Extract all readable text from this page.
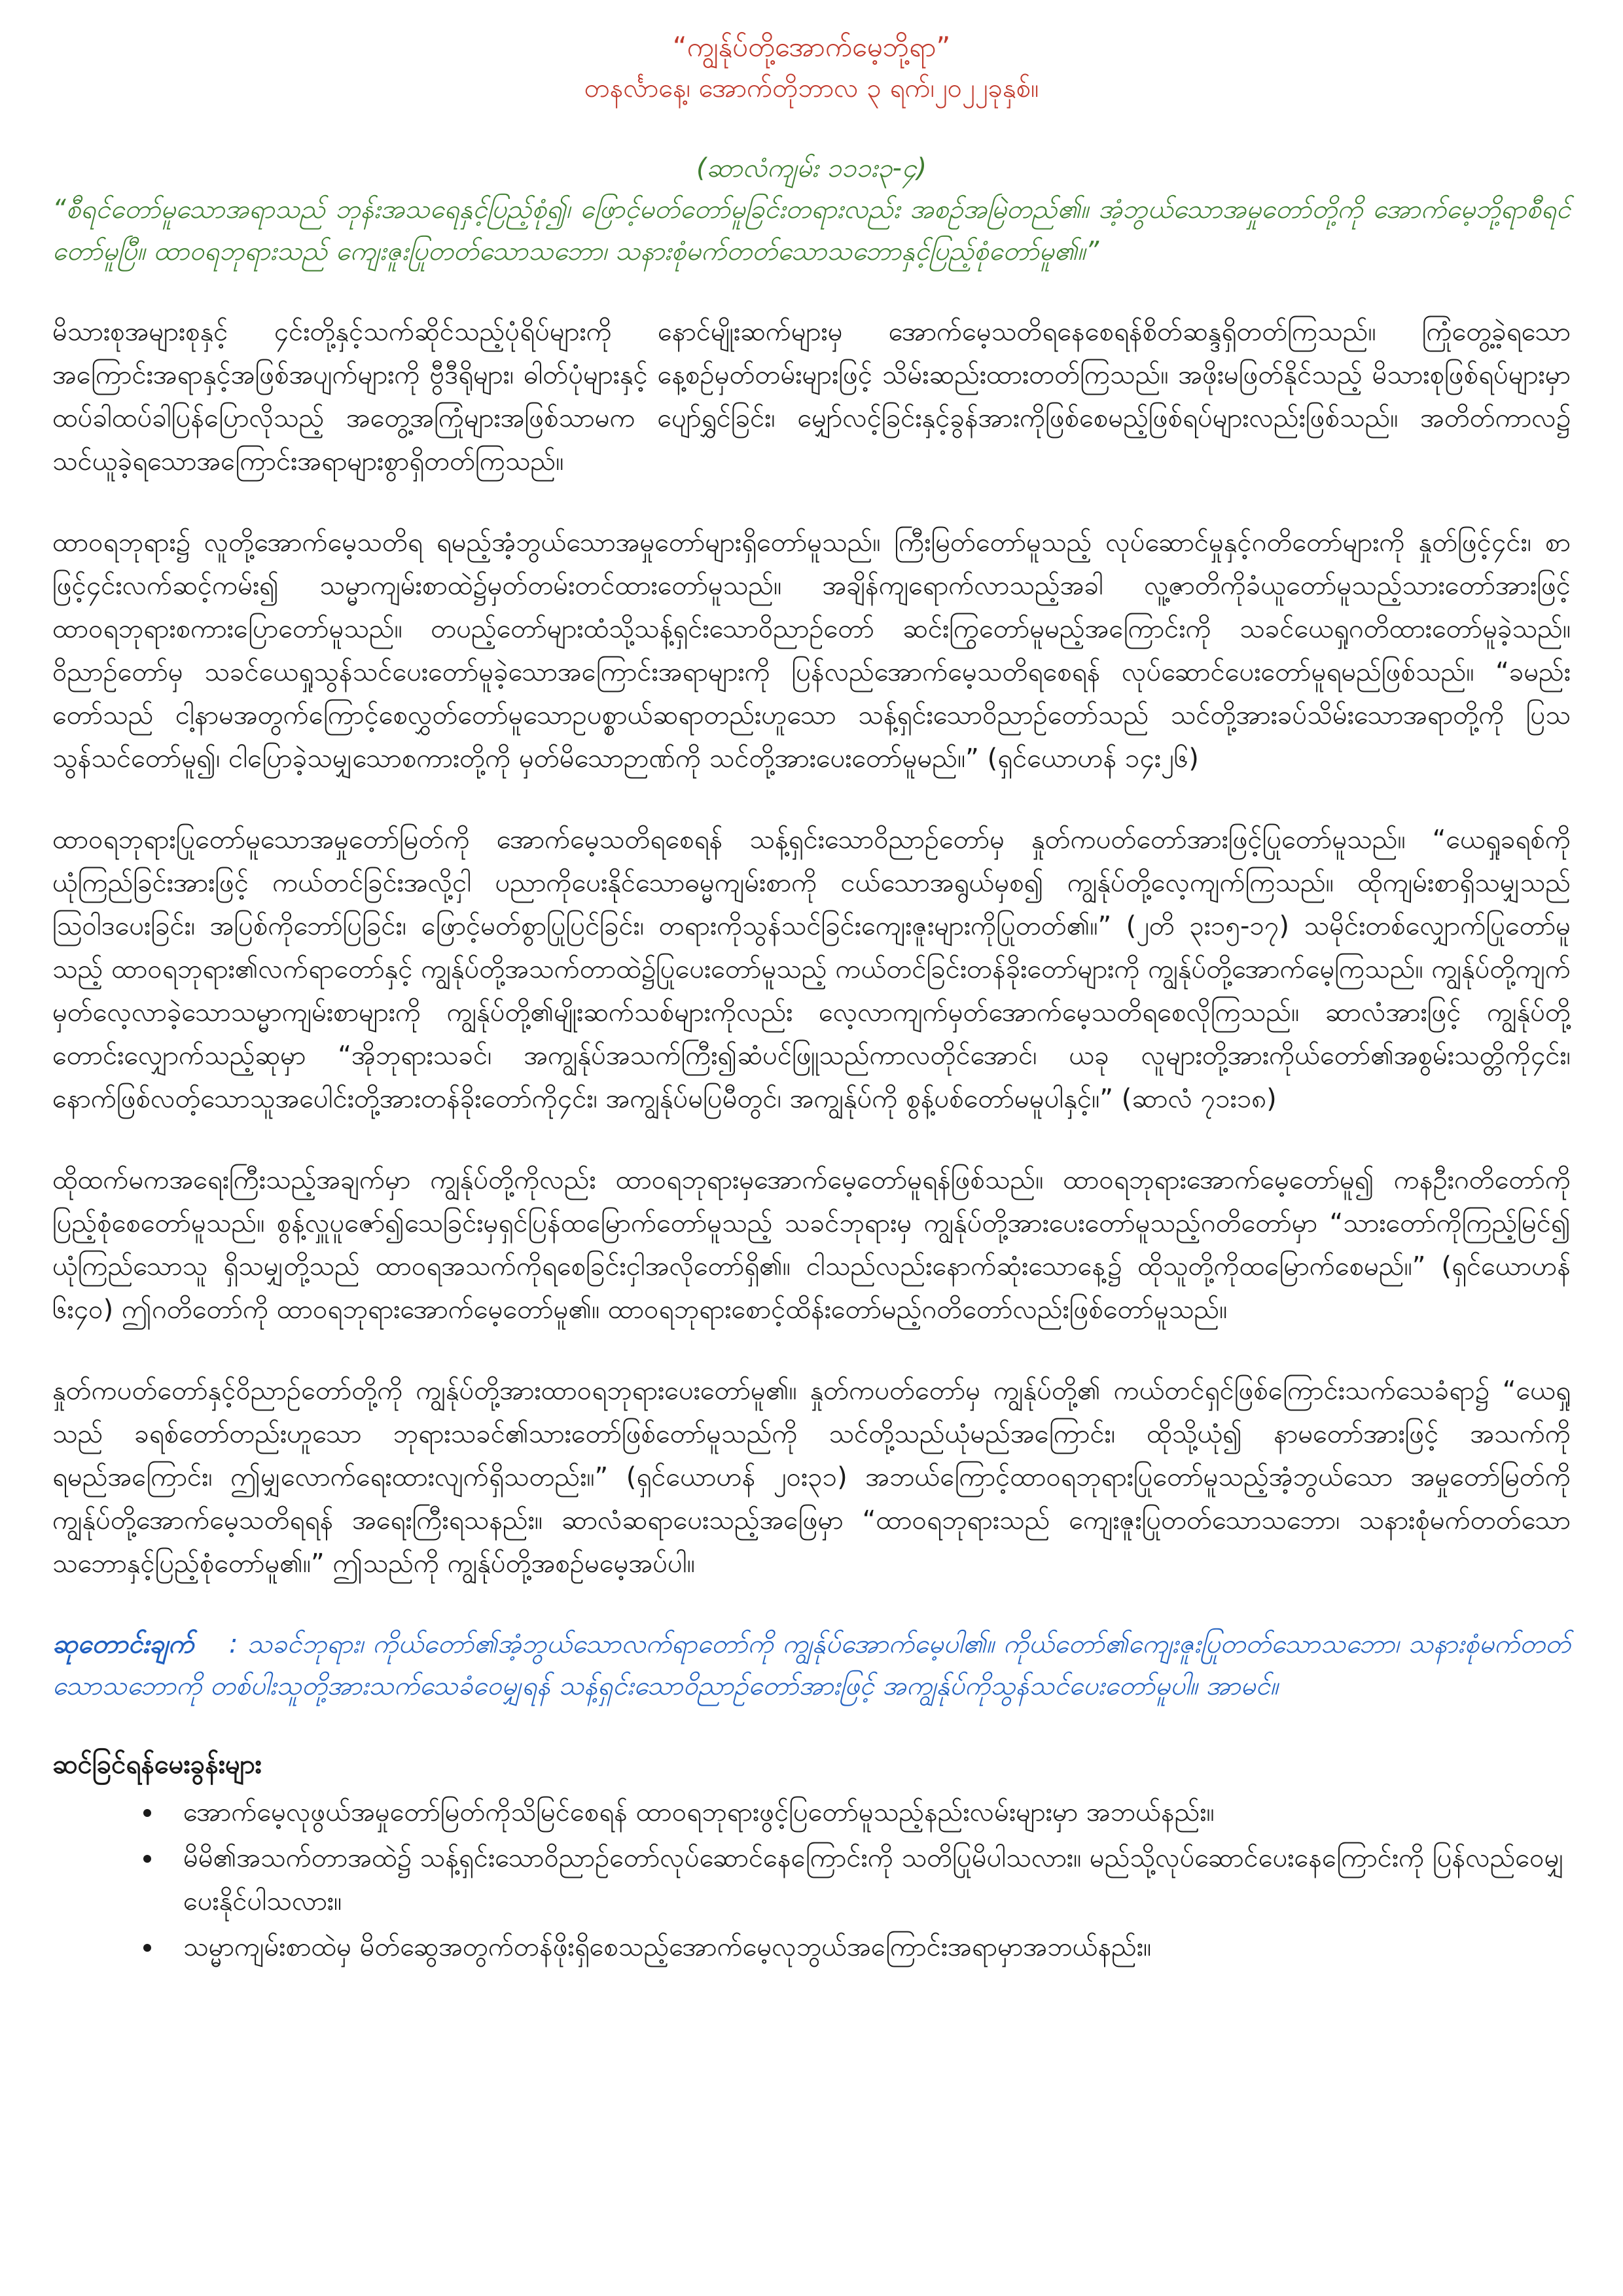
“ကျွန်ုပ်တို့အောက်မေ့ဘို့ရာ”

တနင်္လာနေ့၊ အောက်တိုဘာလ ၃ ရက်၊၂၀၂၂ခုနှစ်။

(ဆာလံကျမ်း ၁၁၁း၃-၄)

“စီရင်တော်မူသောအရာသည် ဘုန်းအသရေနှင့်ပြည့်စုံ၍၊ ဖြောင့်မတ်တော်မူခြင်းတရားလည်း အစဉ်အမြဲတည်၏။ အံ့ဘွယ်သောအမှုတော်တို့ကို အောက်မေ့ဘို့ရာစီရင်တော်မူပြီ။ ထာဝရဘုရားသည် ကျေးဇူးပြုတတ်သောသဘော၊ သနားစုံမက်တတ်သောသဘောနှင့်ပြည့်စုံတော်မူ၏။”

မိသားစုအများစုနှင့် ၄င်းတို့နှင့်သက်ဆိုင်သည့်ပုံရိပ်များကို နောင်မျိုးဆက်များမှ အောက်မေ့သတိရနေစေရန်စိတ်ဆန္ဒရှိတတ်ကြသည်။ ကြုံတွေ့ခဲ့ရသောအကြောင်းအရာနှင့်အဖြစ်အပျက်များကို ဗွီဒီရိုများ၊ ဓါတ်ပုံများနှင့် နေ့စဉ်မှတ်တမ်းများဖြင့် သိမ်းဆည်းထားတတ်ကြသည်။ အဖိုးမဖြတ်နိုင်သည့် မိသားစုဖြစ်ရပ်များမှာ ထပ်ခါထပ်ခါပြန်ပြောလိုသည့် အတွေ့အကြုံများအဖြစ်သာမက ပျော်ရွှင်ခြင်း၊ မျှော်လင့်ခြင်းနှင့်ခွန်အားကိုဖြစ်စေမည့်ဖြစ်ရပ်များလည်းဖြစ်သည်။ အတိတ်ကာလ၌ သင်ယူခဲ့ရသောအကြောင်းအရာများစွာရှိတတ်ကြသည်။

ထာဝရဘုရား၌ လူတို့အောက်မေ့သတိရ ရမည့်အံ့ဘွယ်သောအမှုတော်များရှိတော်မူသည်။ ကြီးမြတ်တော်မူသည့် လုပ်ဆောင်မှုနှင့်ဂတိတော်များကို နှုတ်ဖြင့်၄င်း၊ စာဖြင့်၄င်းလက်ဆင့်ကမ်း၍ သမ္မာကျမ်းစာထဲ၌မှတ်တမ်းတင်ထားတော်မူသည်။ အချိန်ကျရောက်လာသည့်အခါ လူ့ဇာတိကိုခံယူတော်မူသည့်သားတော်အားဖြင့် ထာဝရဘုရားစကားပြောတော်မူသည်။ တပည့်တော်များထံသို့သန့်ရှင်းသောဝိညာဉ်တော် ဆင်းကြွတော်မူမည့်အကြောင်းကို သခင်ယေရှုဂတိထားတော်မူခဲ့သည်။ ဝိညာဉ်တော်မှ သခင်ယေရှုသွန်သင်ပေးတော်မူခဲ့သောအကြောင်းအရာများကို ပြန်လည်အောက်မေ့သတိရစေရန် လုပ်ဆောင်ပေးတော်မူရမည်ဖြစ်သည်။ “ခမည်းတော်သည် ငါ့နာမအတွက်ကြောင့်စေလွှတ်တော်မူသောဥပစ္စာယ်ဆရာတည်းဟူသော သန့်ရှင်းသောဝိညာဉ်တော်သည် သင်တို့အားခပ်သိမ်းသောအရာတို့ကို ပြသသွန်သင်တော်မူ၍၊ ငါပြောခဲ့သမျှသောစကားတို့ကို မှတ်မိသောဉာဏ်ကို သင်တို့အားပေးတော်မူမည်။” (ရှင်ယောဟန် ၁၄း၂၆)

ထာဝရဘုရားပြုတော်မူသောအမှုတော်မြတ်ကို အောက်မေ့သတိရစေရန် သန့်ရှင်းသောဝိညာဉ်တော်မှ နှုတ်ကပတ်တော်အားဖြင့်ပြုတော်မူသည်။ “ယေရှုခရစ်ကိုယုံကြည်ခြင်းအားဖြင့် ကယ်တင်ခြင်းအလို့ငှါ ပညာကိုပေးနိုင်သောဓမ္မကျမ်းစာကို ငယ်သောအရွယ်မှစ၍ ကျွန်ုပ်တို့လေ့ကျက်ကြသည်။ ထိုကျမ်းစာရှိသမျှသည် ဩဝါဒပေးခြင်း၊ အပြစ်ကိုဘော်ပြခြင်း၊ ဖြောင့်မတ်စွာပြုပြင်ခြင်း၊ တရားကိုသွန်သင်ခြင်းကျေးဇူးများကိုပြုတတ်၏။” (၂တိ ၃း၁၅-၁၇) သမိုင်းတစ်လျှောက်ပြုတော်မူသည့် ထာဝရဘုရား၏လက်ရာတော်နှင့် ကျွန်ုပ်တို့အသက်တာထဲ၌ပြုပေးတော်မူသည့် ကယ်တင်ခြင်းတန်ခိုးတော်များကို ကျွန်ုပ်တို့အောက်မေ့ကြသည်။ ကျွန်ုပ်တို့ကျက်မှတ်လေ့လာခဲ့သောသမ္မာကျမ်းစာများကို ကျွန်ုပ်တို့၏မျိုးဆက်သစ်များကိုလည်း လေ့လာကျက်မှတ်အောက်မေ့သတိရစေလိုကြသည်။ ဆာလံအားဖြင့် ကျွန်ုပ်တို့တောင်းလျှောက်သည့်ဆုမှာ “အိုဘုရားသခင်၊ အကျွန်ုပ်အသက်ကြီး၍ဆံပင်ဖြူသည်ကာလတိုင်အောင်၊ ယခု လူများတို့အားကိုယ်တော်၏အစွမ်းသတ္တိကို၄င်း၊ နောက်ဖြစ်လတ့်သောသူအပေါင်းတို့အားတန်ခိုးတော်ကို၄င်း၊ အကျွန်ုပ်မပြမီတွင်၊ အကျွန်ုပ်ကို စွန့်ပစ်တော်မမူပါနှင့်။” (ဆာလံ ၇၁း၁၈)

ထိုထက်မကအရေးကြီးသည့်အချက်မှာ ကျွန်ုပ်တို့ကိုလည်း ထာဝရဘုရားမှအောက်မေ့တော်မူရန်ဖြစ်သည်။ ထာဝရဘုရားအောက်မေ့တော်မူ၍ ကနဦးဂတိတော်ကိုပြည့်စုံစေတော်မူသည်။ စွန့်လှူပူဇော်၍သေခြင်းမှရှင်ပြန်ထမြောက်တော်မူသည့် သခင်ဘုရားမှ ကျွန်ုပ်တို့အားပေးတော်မူသည့်ဂတိတော်မှာ “သားတော်ကိုကြည့်မြင်၍ ယုံကြည်သောသူ ရှိသမျှတို့သည် ထာဝရအသက်ကိုရစေခြင်းငှါအလိုတော်ရှိ၏။ ငါသည်လည်းနောက်ဆုံးသောနေ့၌ ထိုသူတို့ကိုထမြောက်စေမည်။” (ရှင်ယောဟန် ၆း၄၀) ဤဂတိတော်ကို ထာဝရဘုရားအောက်မေ့တော်မူ၏။ ထာဝရဘုရားစောင့်ထိန်းတော်မည့်ဂတိတော်လည်းဖြစ်တော်မူသည်။

နှုတ်ကပတ်တော်နှင့်ဝိညာဉ်တော်တို့ကို ကျွန်ုပ်တို့အားထာဝရဘုရားပေးတော်မူ၏။ နှုတ်ကပတ်တော်မှ ကျွန်ုပ်တို့၏ ကယ်တင်ရှင်ဖြစ်ကြောင်းသက်သေခံရာ၌ “ယေရှုသည် ခရစ်တော်တည်းဟူသော ဘုရားသခင်၏သားတော်ဖြစ်တော်မူသည်ကို သင်တို့သည်ယုံမည်အကြောင်း၊ ထိုသို့ယုံ၍ နာမတော်အားဖြင့် အသက်ကိုရမည်အကြောင်း၊ ဤမျှလောက်ရေးထားလျက်ရှိသတည်း။” (ရှင်ယောဟန် ၂၀း၃၁) အဘယ်ကြောင့်ထာဝရဘုရားပြုတော်မူသည့်အံ့ဘွယ်သော အမှုတော်မြတ်ကို ကျွန်ုပ်တို့အောက်မေ့သတိရရန် အရေးကြီးရသနည်း။ ဆာလံဆရာပေးသည့်အဖြေမှာ “ထာဝရဘုရားသည် ကျေးဇူးပြုတတ်သောသဘော၊ သနားစုံမက်တတ်သောသဘောနှင့်ပြည့်စုံတော်မူ၏။” ဤသည်ကို ကျွန်ုပ်တို့အစဉ်မမေ့အပ်ပါ။

ဆုတောင်းချက် : သခင်ဘုရား၊ ကိုယ်တော်၏အံ့ဘွယ်သောလက်ရာတော်ကို ကျွန်ုပ်အောက်မေ့ပါ၏။ ကိုယ်တော်၏ကျေးဇူးပြုတတ်သောသဘော၊ သနားစုံမက်တတ်သောသဘောကို တစ်ပါးသူတို့အားသက်သေခံဝေမျှရန် သန့်ရှင်းသောဝိညာဉ်တော်အားဖြင့် အကျွန်ုပ်ကိုသွန်သင်ပေးတော်မူပါ။ အာမင်။

ဆင်ခြင်ရန်မေးခွန်းများ

• အောက်မေ့လုဖွယ်အမှုတော်မြတ်ကိုသိမြင်စေရန် ထာဝရဘုရားဖွင့်ပြတော်မူသည့်နည်းလမ်းများမှာ အဘယ်နည်း။
• မိမိ၏အသက်တာအထဲ၌ သန့်ရှင်းသောဝိညာဉ်တော်လုပ်ဆောင်နေကြောင်းကို သတိပြုမိပါသလား။ မည်သို့လုပ်ဆောင်ပေးနေကြောင်းကို ပြန်လည်ဝေမျှပေးနိုင်ပါသလား။
• သမ္မာကျမ်းစာထဲမှ မိတ်ဆွေအတွက်တန်ဖိုးရှိစေသည့်အောက်မေ့လုဘွယ်အကြောင်းအရာမှာအဘယ်နည်း။
